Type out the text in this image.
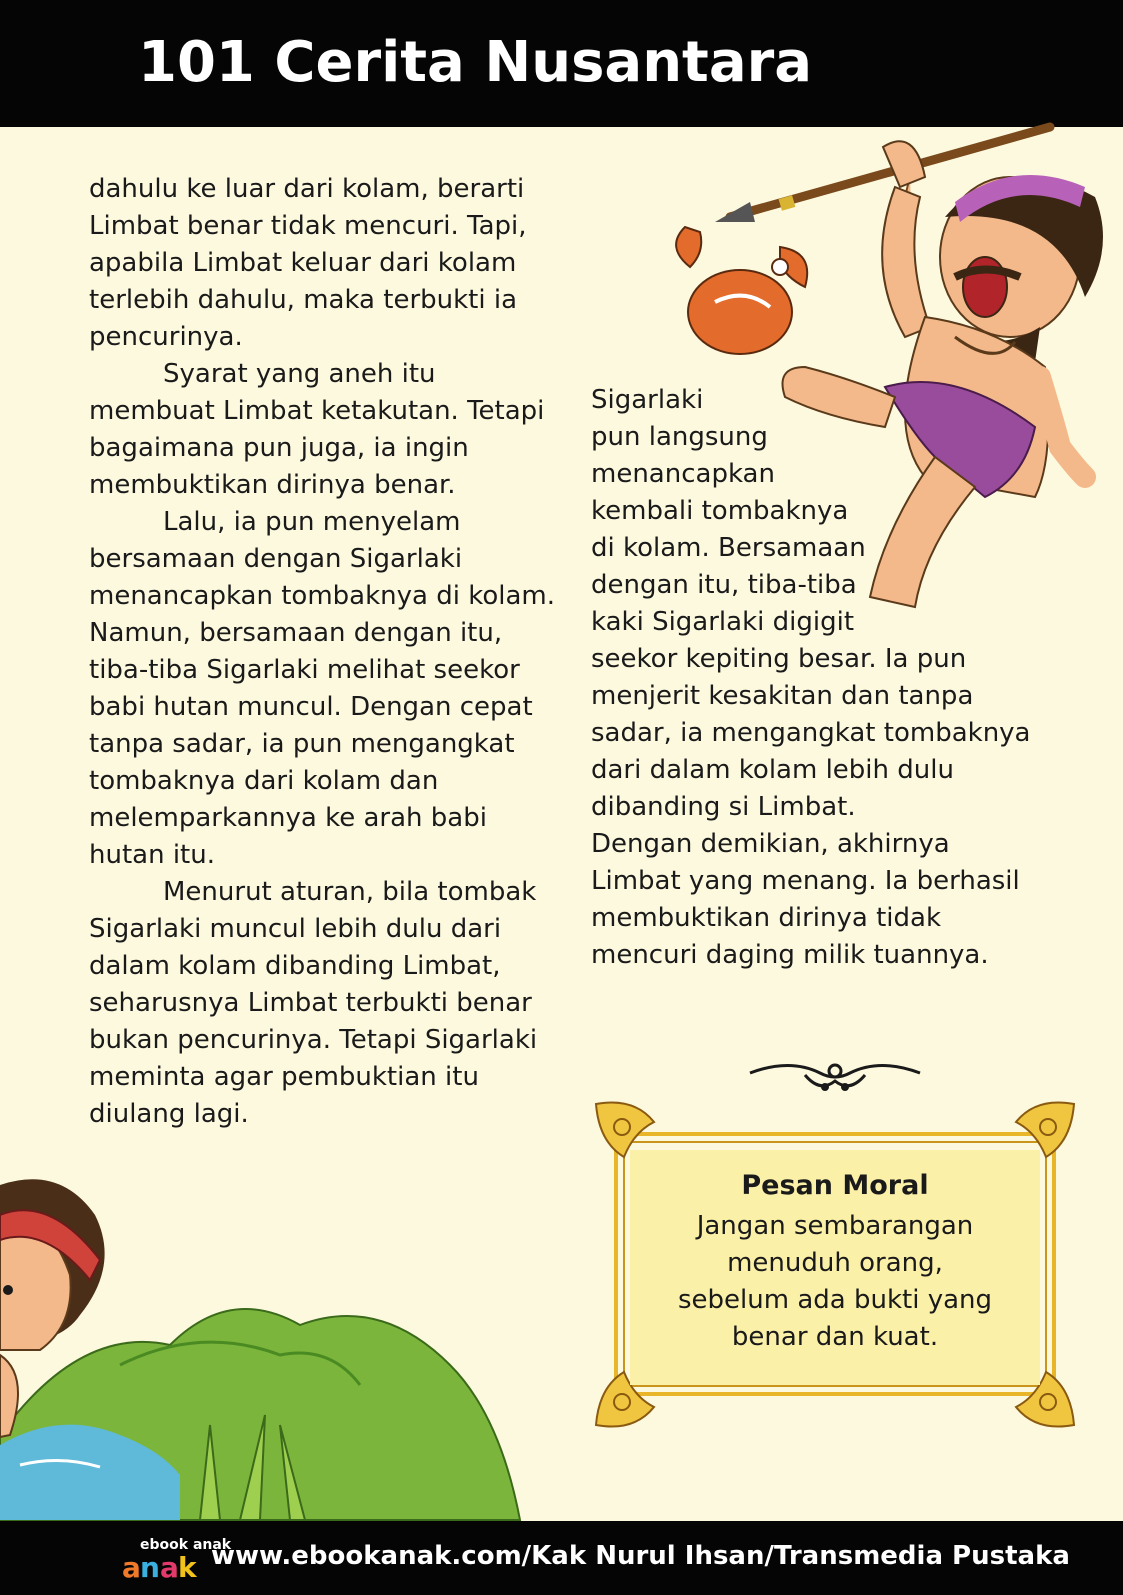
101 Cerita Nusantara

dahulu ke luar dari kolam, berarti
Limbat benar tidak mencuri. Tapi,
apabila Limbat keluar dari kolam
terlebih dahulu, maka terbukti ia
pencurinya.

Syarat yang aneh itu
membuat Limbat ketakutan. Tetapi
bagaimana pun juga, ia ingin
membuktikan dirinya benar.

Lalu, ia pun menyelam
bersamaan dengan Sigarlaki
menancapkan tombaknya di kolam.
Namun, bersamaan dengan itu,
tiba-tiba Sigarlaki melihat seekor
babi hutan muncul. Dengan cepat
tanpa sadar, ia pun mengangkat
tombaknya dari kolam dan
melemparkannya ke arah babi
hutan itu.

Menurut aturan, bila tombak
Sigarlaki muncul lebih dulu dari
dalam kolam dibanding Limbat,
seharusnya Limbat terbukti benar
bukan pencurinya. Tetapi Sigarlaki
meminta agar pembuktian itu
diulang lagi.

Sigarlaki
pun langsung
menancapkan
kembali tombaknya
di kolam. Bersamaan
dengan itu, tiba-tiba
kaki Sigarlaki digigit
seekor kepiting besar. Ia pun
menjerit kesakitan dan tanpa
sadar, ia mengangkat tombaknya
dari dalam kolam lebih dulu
dibanding si Limbat.
Dengan demikian, akhirnya
Limbat yang menang. Ia berhasil
membuktikan dirinya tidak
mencuri daging milik tuannya.
Pesan Moral
Jangan sembarangan
menuduh orang,
sebelum ada bukti yang
benar dan kuat.
ebook anak
a n a k www.ebookanak.com/Kak Nurul Ihsan/Transmedia Pustaka
